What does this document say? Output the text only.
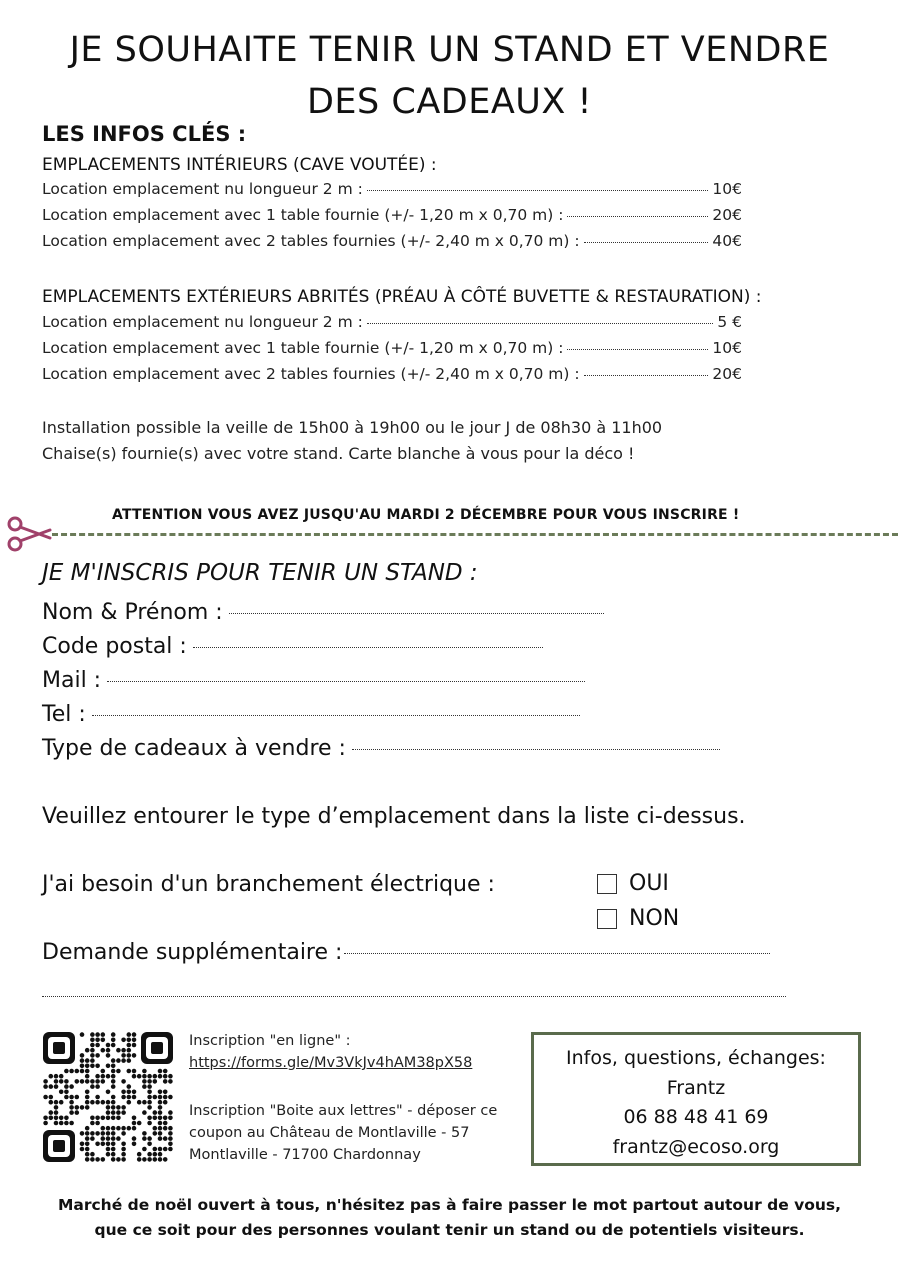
JE SOUHAITE TENIR UN STAND ET VENDRE
DES CADEAUX !
LES INFOS CLÉS :
EMPLACEMENTS INTÉRIEURS (CAVE VOUTÉE) :
Location emplacement nu longueur 2 m :	10€
Location emplacement avec 1 table fournie (+/- 1,20 m x 0,70 m) :	20€
Location emplacement avec 2 tables fournies (+/- 2,40 m x 0,70 m) :	40€
EMPLACEMENTS EXTÉRIEURS ABRITÉS (PRÉAU À CÔTÉ BUVETTE & RESTAURATION) :
Location emplacement nu longueur 2 m :	5 €
Location emplacement avec 1 table fournie (+/- 1,20 m x 0,70 m) :	10€
Location emplacement avec 2 tables fournies (+/- 2,40 m x 0,70 m) :	20€
Installation possible la veille de 15h00 à 19h00 ou le jour J de 08h30 à 11h00
Chaise(s) fournie(s) avec votre stand. Carte blanche à vous pour la déco !
ATTENTION VOUS AVEZ JUSQU'AU MARDI 2 DÉCEMBRE POUR VOUS INSCRIRE !
JE M'INSCRIS POUR TENIR UN STAND :
Nom & Prénom :
Code postal :
Mail :
Tel :
Type de cadeaux à vendre :
Veuillez entourer le type d’emplacement dans la liste ci-dessus.
J'ai besoin d'un branchement électrique :	OUI
NON
Demande supplémentaire :
Inscription "en ligne" :
https://forms.gle/Mv3VkJv4hAM38pX58
Inscription "Boite aux lettres" - déposer ce coupon au Château de Montlaville - 57 Montlaville - 71700 Chardonnay
Infos, questions, échanges:
Frantz
06 88 48 41 69
frantz@ecoso.org
Marché de noël ouvert à tous, n'hésitez pas à faire passer le mot partout autour de vous,
que ce soit pour des personnes voulant tenir un stand ou de potentiels visiteurs.
